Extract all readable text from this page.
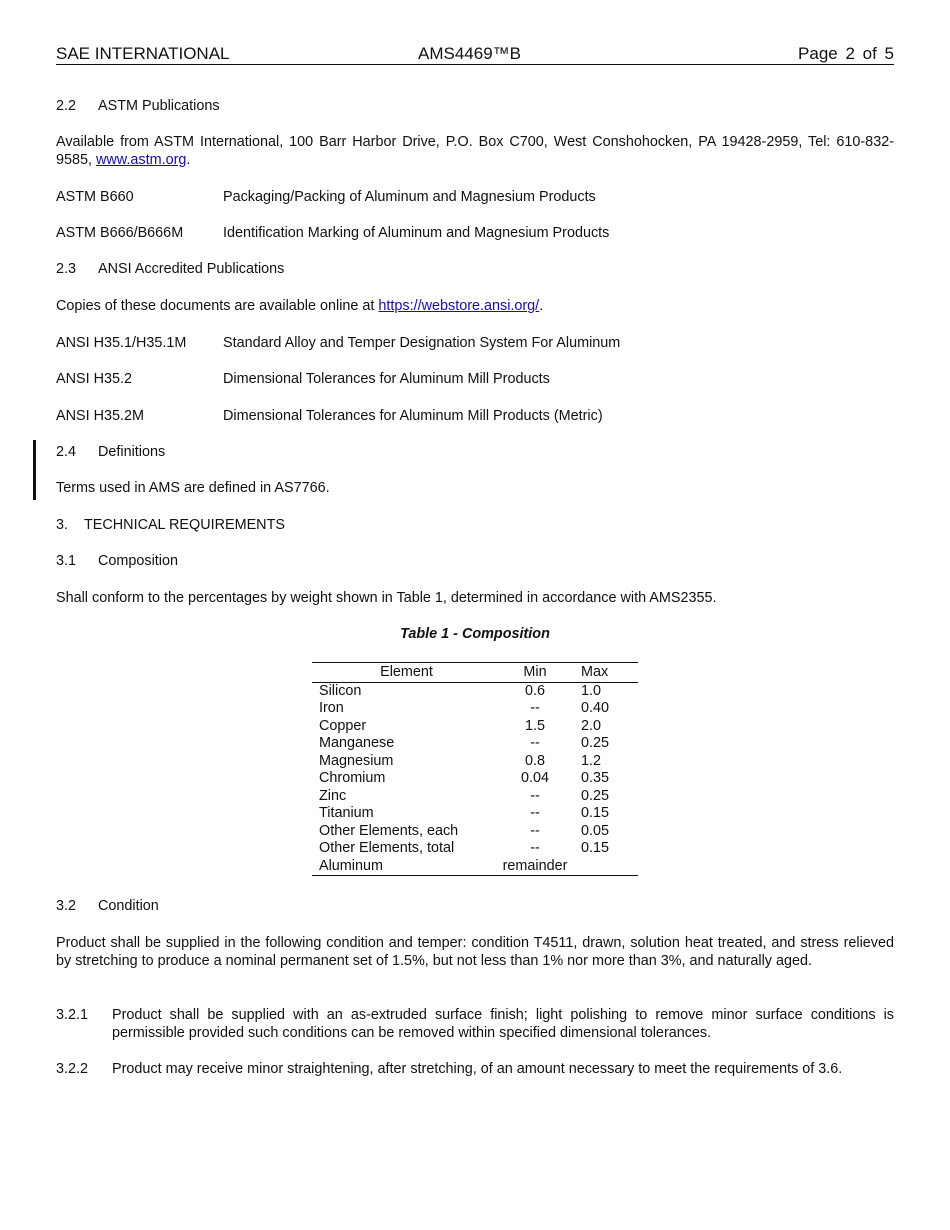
SAE INTERNATIONAL	AMS4469™B	Page 2 of 5
2.2 ASTM Publications
Available from ASTM International, 100 Barr Harbor Drive, P.O. Box C700, West Conshohocken, PA 19428-2959, Tel: 610-832-9585, www.astm.org.
ASTM B660	Packaging/Packing of Aluminum and Magnesium Products
ASTM B666/B666M	Identification Marking of Aluminum and Magnesium Products
2.3 ANSI Accredited Publications
Copies of these documents are available online at https://webstore.ansi.org/.
ANSI H35.1/H35.1M	Standard Alloy and Temper Designation System For Aluminum
ANSI H35.2	Dimensional Tolerances for Aluminum Mill Products
ANSI H35.2M	Dimensional Tolerances for Aluminum Mill Products (Metric)
2.4 Definitions
Terms used in AMS are defined in AS7766.
3. TECHNICAL REQUIREMENTS
3.1 Composition
Shall conform to the percentages by weight shown in Table 1, determined in accordance with AMS2355.
Table 1 - Composition
Element	Min	Max
Silicon	0.6	1.0
Iron	--	0.40
Copper	1.5	2.0
Manganese	--	0.25
Magnesium	0.8	1.2
Chromium	0.04	0.35
Zinc	--	0.25
Titanium	--	0.15
Other Elements, each	--	0.05
Other Elements, total	--	0.15
Aluminum	remainder	
3.2 Condition
Product shall be supplied in the following condition and temper: condition T4511, drawn, solution heat treated, and stress relieved by stretching to produce a nominal permanent set of 1.5%, but not less than 1% nor more than 3%, and naturally aged.
3.2.1	Product shall be supplied with an as-extruded surface finish; light polishing to remove minor surface conditions is permissible provided such conditions can be removed within specified dimensional tolerances.
3.2.2	Product may receive minor straightening, after stretching, of an amount necessary to meet the requirements of 3.6.
